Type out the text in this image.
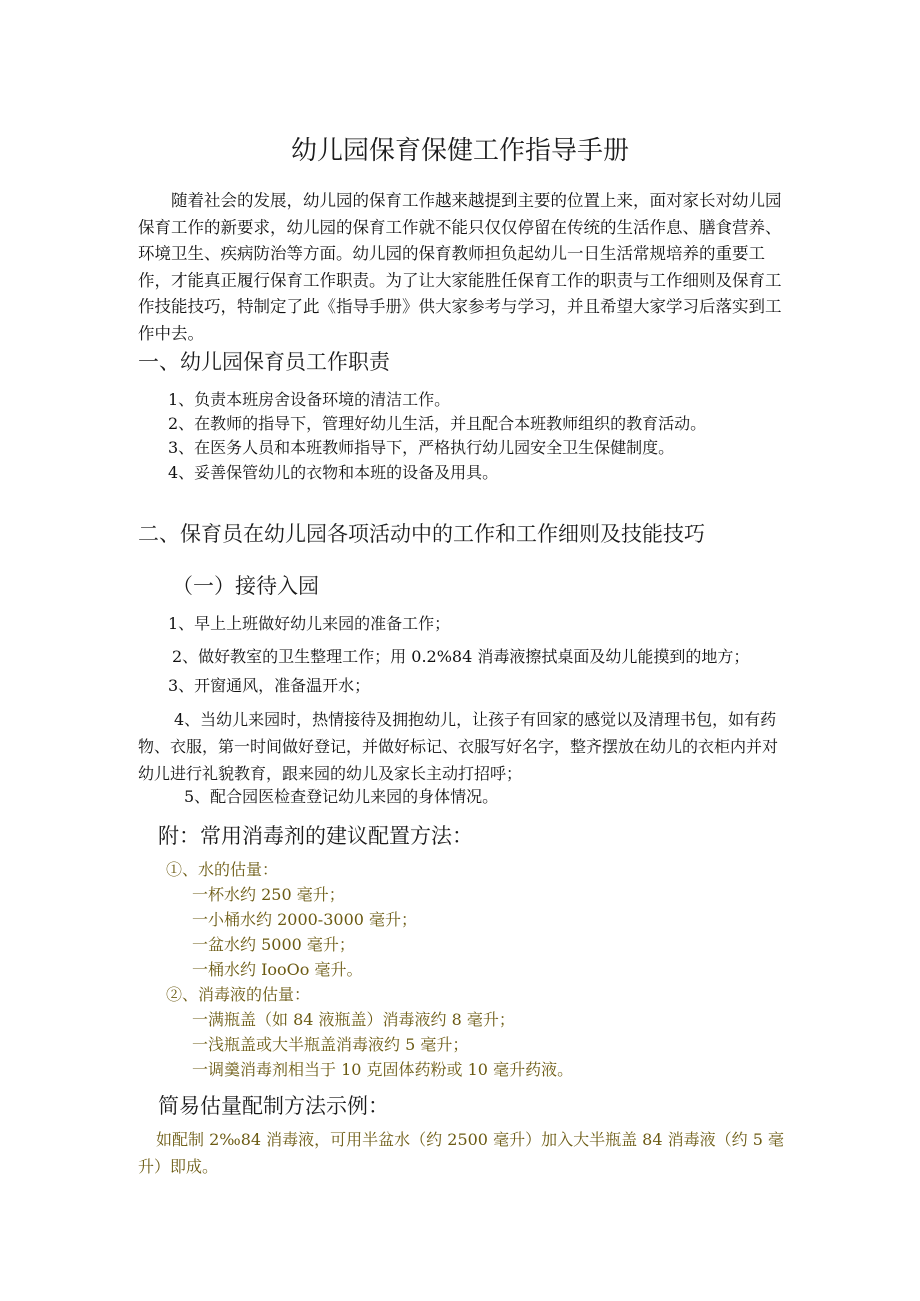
幼儿园保育保健工作指导手册

随着社会的发展，幼儿园的保育工作越来越提到主要的位置上来，面对家长对幼儿园保育工作的新要求，幼儿园的保育工作就不能只仅仅停留在传统的生活作息、膳食营养、环境卫生、疾病防治等方面。幼儿园的保育教师担负起幼儿一日生活常规培养的重要工作，才能真正履行保育工作职责。为了让大家能胜任保育工作的职责与工作细则及保育工作技能技巧，特制定了此《指导手册》供大家参考与学习，并且希望大家学习后落实到工作中去。

一、幼儿园保育员工作职责
1、负责本班房舍设备环境的清洁工作。
2、在教师的指导下，管理好幼儿生活，并且配合本班教师组织的教育活动。
3、在医务人员和本班教师指导下，严格执行幼儿园安全卫生保健制度。
4、妥善保管幼儿的衣物和本班的设备及用具。
二、保育员在幼儿园各项活动中的工作和工作细则及技能技巧
（一）接待入园
1、早上上班做好幼儿来园的准备工作；
2、做好教室的卫生整理工作；用 0.2%84 消毒液擦拭桌面及幼儿能摸到的地方；
3、开窗通风，准备温开水；
4、当幼儿来园时，热情接待及拥抱幼儿，让孩子有回家的感觉以及清理书包，如有药物、衣服，第一时间做好登记，并做好标记、衣服写好名字，整齐摆放在幼儿的衣柜内并对幼儿进行礼貌教育，跟来园的幼儿及家长主动打招呼；
5、配合园医检查登记幼儿来园的身体情况。
附：常用消毒剂的建议配置方法：
①、水的估量：
一杯水约 250 毫升；
一小桶水约 2000-3000 毫升；
一盆水约 5000 毫升；
一桶水约 IooOo 毫升。
②、消毒液的估量：
一满瓶盖（如 84 液瓶盖）消毒液约 8 毫升；
一浅瓶盖或大半瓶盖消毒液约 5 毫升；
一调羹消毒剂相当于 10 克固体药粉或 10 毫升药液。
简易估量配制方法示例：
如配制 2‰84 消毒液，可用半盆水（约 2500 毫升）加入大半瓶盖 84 消毒液（约 5 毫升）即成。
